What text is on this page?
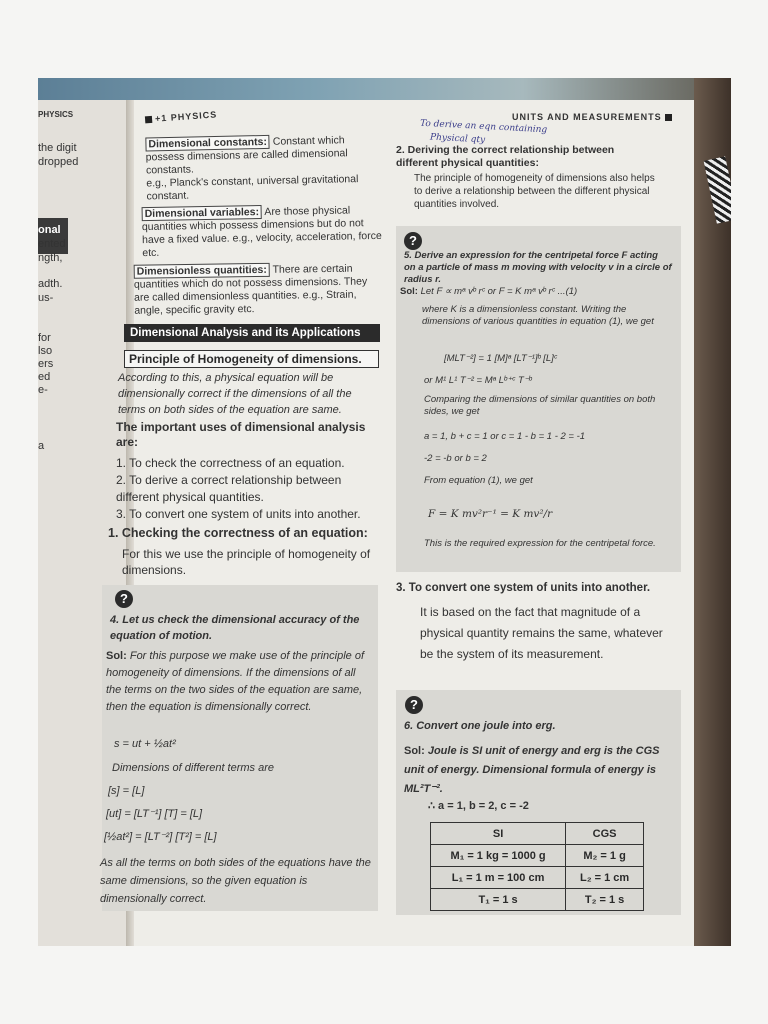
PHYSICS
the digit
dropped
onal
ented
ngth,
adth.
us-
for
lso
ers
ed
e-
a
+1 PHYSICS	UNITS AND MEASUREMENTS
To derive an eqn containing
Physical qty
Dimensional constants: Constant which possess dimensions are called dimensional constants.
e.g., Planck's constant, universal gravitational constant.
Dimensional variables: Are those physical quantities which possess dimensions but do not have a fixed value. e.g., velocity, acceleration, force etc.
Dimensionless quantities: There are certain quantities which do not possess dimensions. They are called dimensionless quantities. e.g., Strain, angle, specific gravity etc.
Dimensional Analysis and its Applications
Principle of Homogeneity of dimensions.
According to this, a physical equation will be dimensionally correct if the dimensions of all the terms on both sides of the equation are same.
The important uses of dimensional analysis are:
1. To check the correctness of an equation.
2. To derive a correct relationship between different physical quantities.
3. To convert one system of units into another.
1. Checking the correctness of an equation:
For this we use the principle of homogeneity of dimensions.
?
4. Let us check the dimensional accuracy of the equation of motion.
Sol: For this purpose we make use of the principle of homogeneity of dimensions. If the dimensions of all the terms on the two sides of the equation are same, then the equation is dimensionally correct.
s = ut + ½at²
Dimensions of different terms are
[s] = [L]
[ut] = [LT⁻¹] [T] = [L]
[½at²] = [LT⁻²] [T²] = [L]
As all the terms on both sides of the equations have the same dimensions, so the given equation is dimensionally correct.
2. Deriving the correct relationship between different physical quantities:
The principle of homogeneity of dimensions also helps to derive a relationship between the different physical quantities involved.
?
5. Derive an expression for the centripetal force F acting on a particle of mass m moving with velocity v in a circle of radius r.
Sol: Let F ∝ mᵃ vᵇ rᶜ or F = K mᵃ vᵇ rᶜ ...(1)
where K is a dimensionless constant. Writing the dimensions of various quantities in equation (1), we get
[MLT⁻²] = 1 [M]ᵃ [LT⁻¹]ᵇ [L]ᶜ
or M¹ L¹ T⁻² = Mᵃ Lᵇ⁺ᶜ T⁻ᵇ
Comparing the dimensions of similar quantities on both sides, we get
a = 1, b + c = 1 or c = 1 - b = 1 - 2 = -1
-2 = -b or b = 2
From equation (1), we get
F = K mv²r⁻¹ = K mv²/r
This is the required expression for the centripetal force.
3. To convert one system of units into another.
It is based on the fact that magnitude of a physical quantity remains the same, whatever be the system of its measurement.
?
6. Convert one joule into erg.
Sol: Joule is SI unit of energy and erg is the CGS unit of energy. Dimensional formula of energy is ML²T⁻².
∴ a = 1, b = 2, c = -2
SI	CGS
M₁ = 1 kg = 1000 g	M₂ = 1 g
L₁ = 1 m = 100 cm	L₂ = 1 cm
T₁ = 1 s	T₂ = 1 s
